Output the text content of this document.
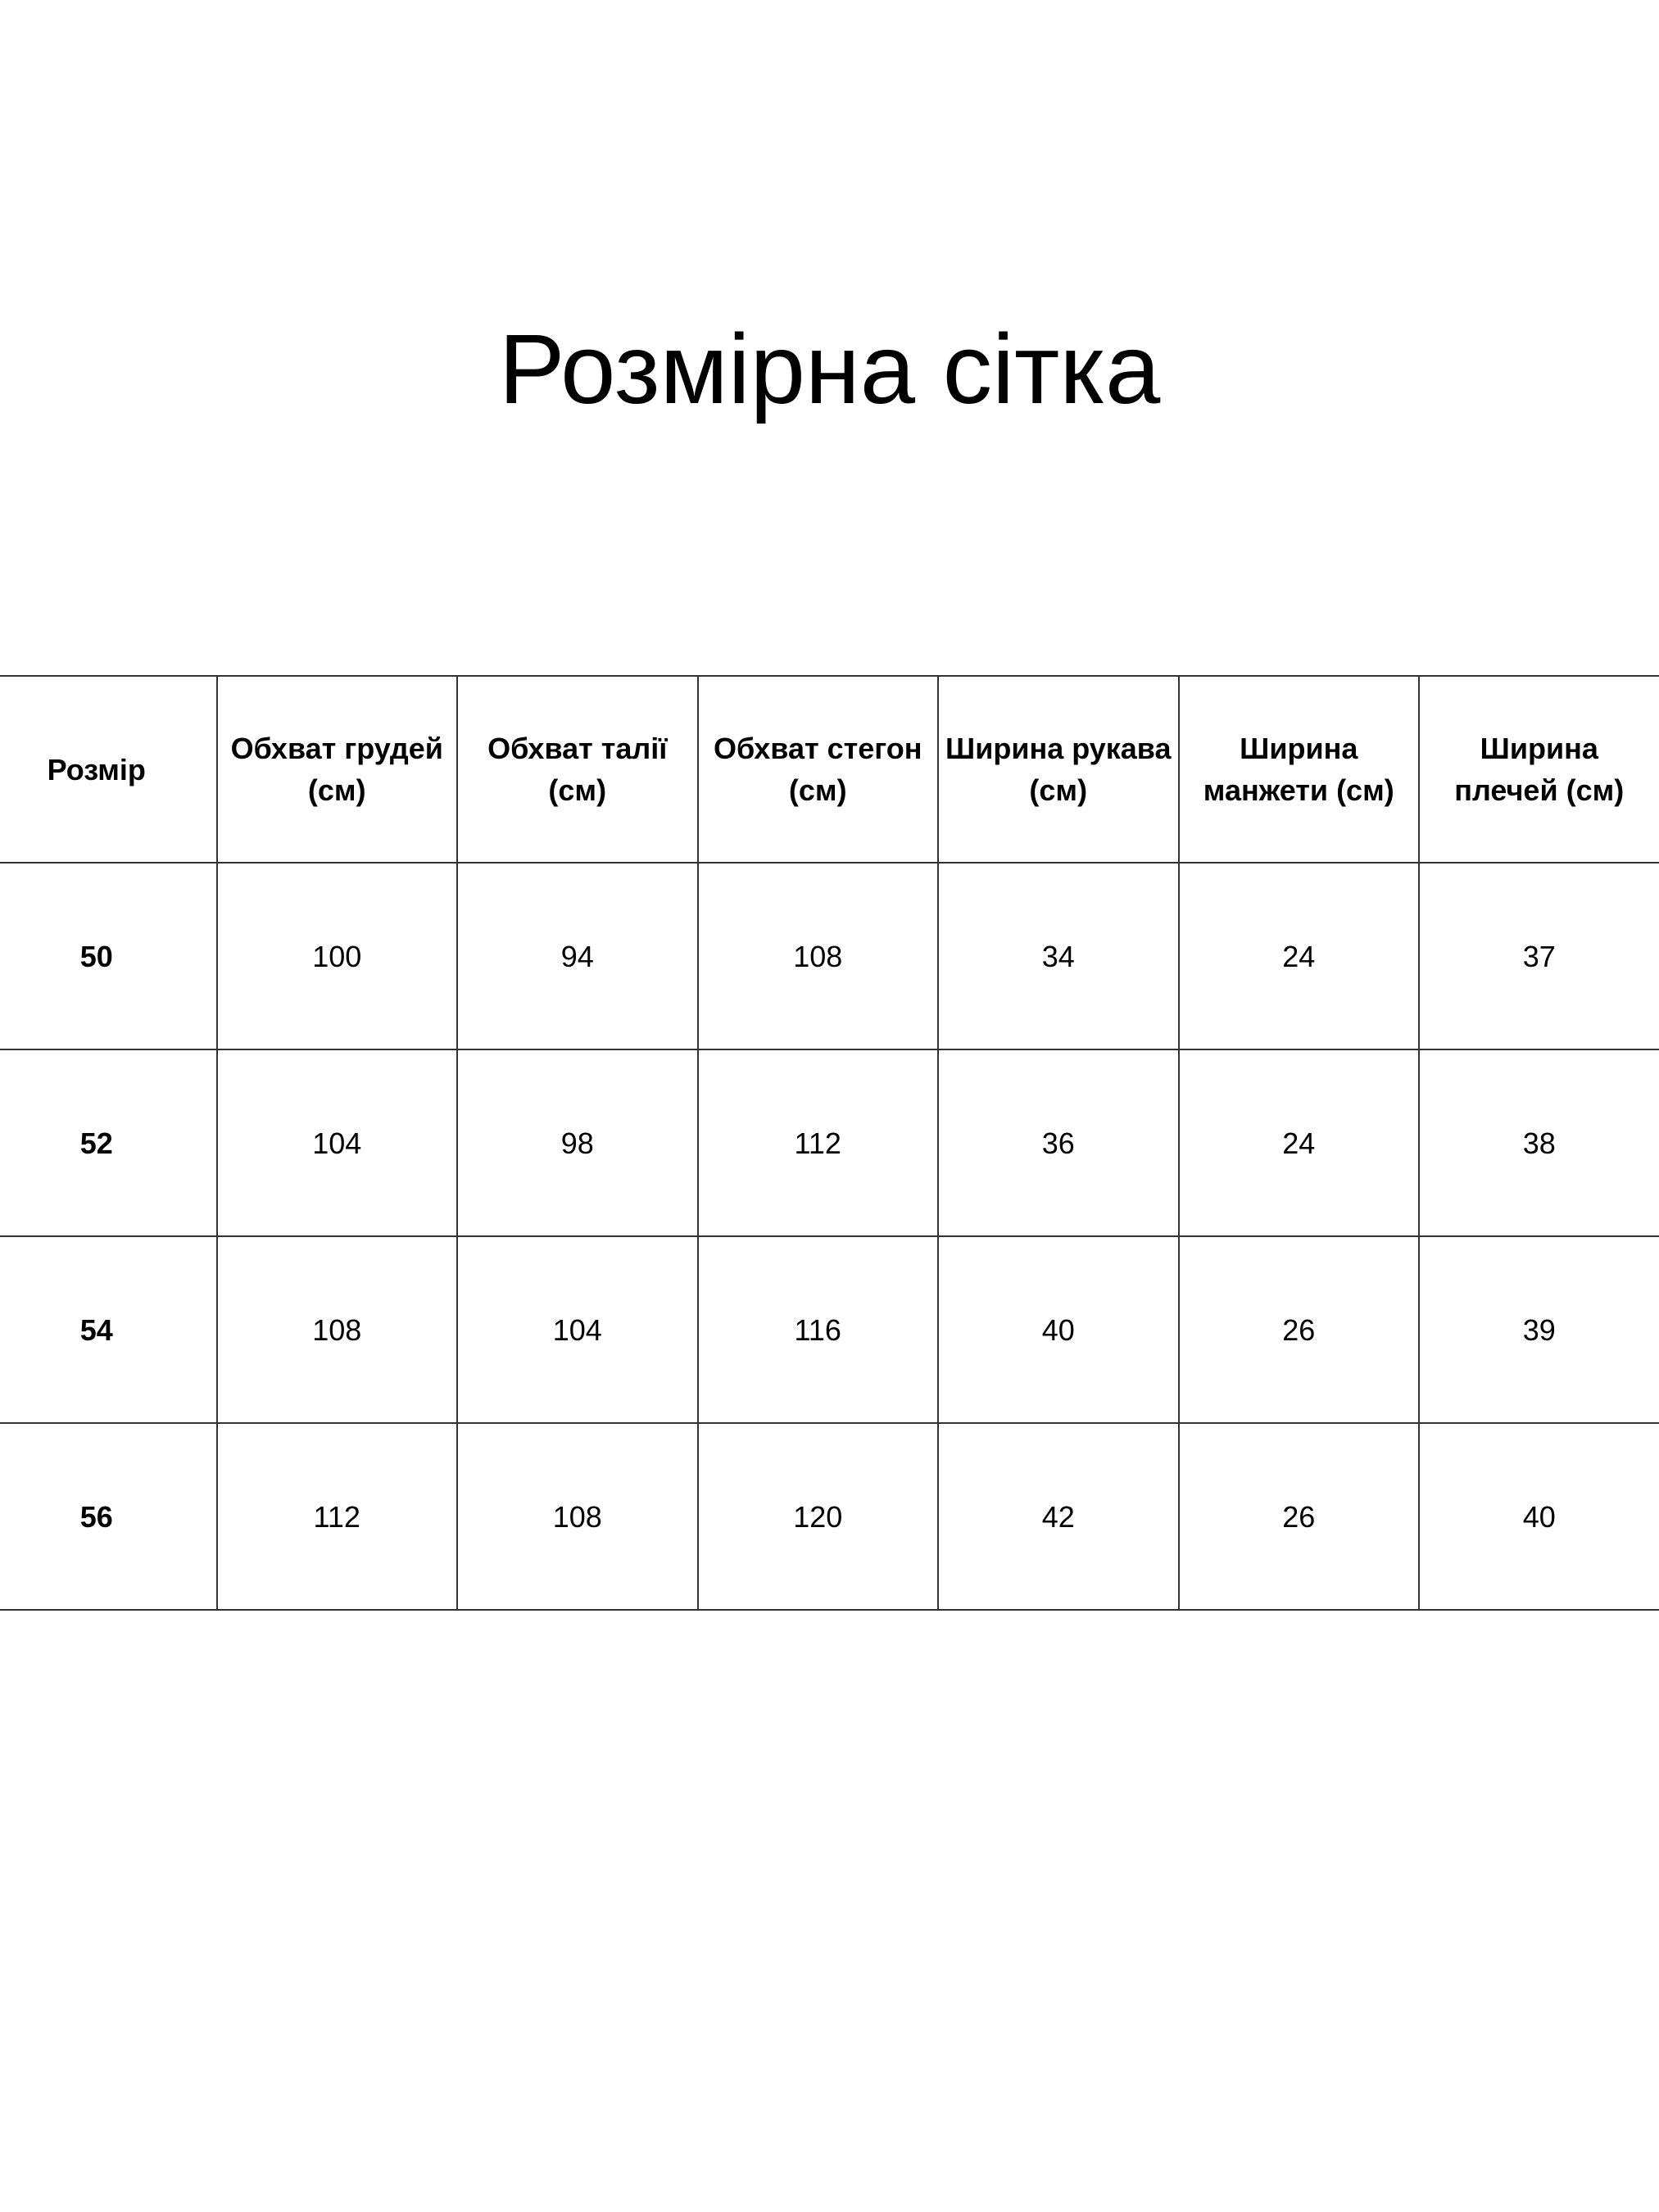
Розмірна сітка
Розмір	Обхват грудей (см)	Обхват талії (см)	Обхват стегон (см)	Ширина рукава (см)	Ширина манжети (см)	Ширина плечей (см)
50	100	94	108	34	24	37
52	104	98	112	36	24	38
54	108	104	116	40	26	39
56	112	108	120	42	26	40
